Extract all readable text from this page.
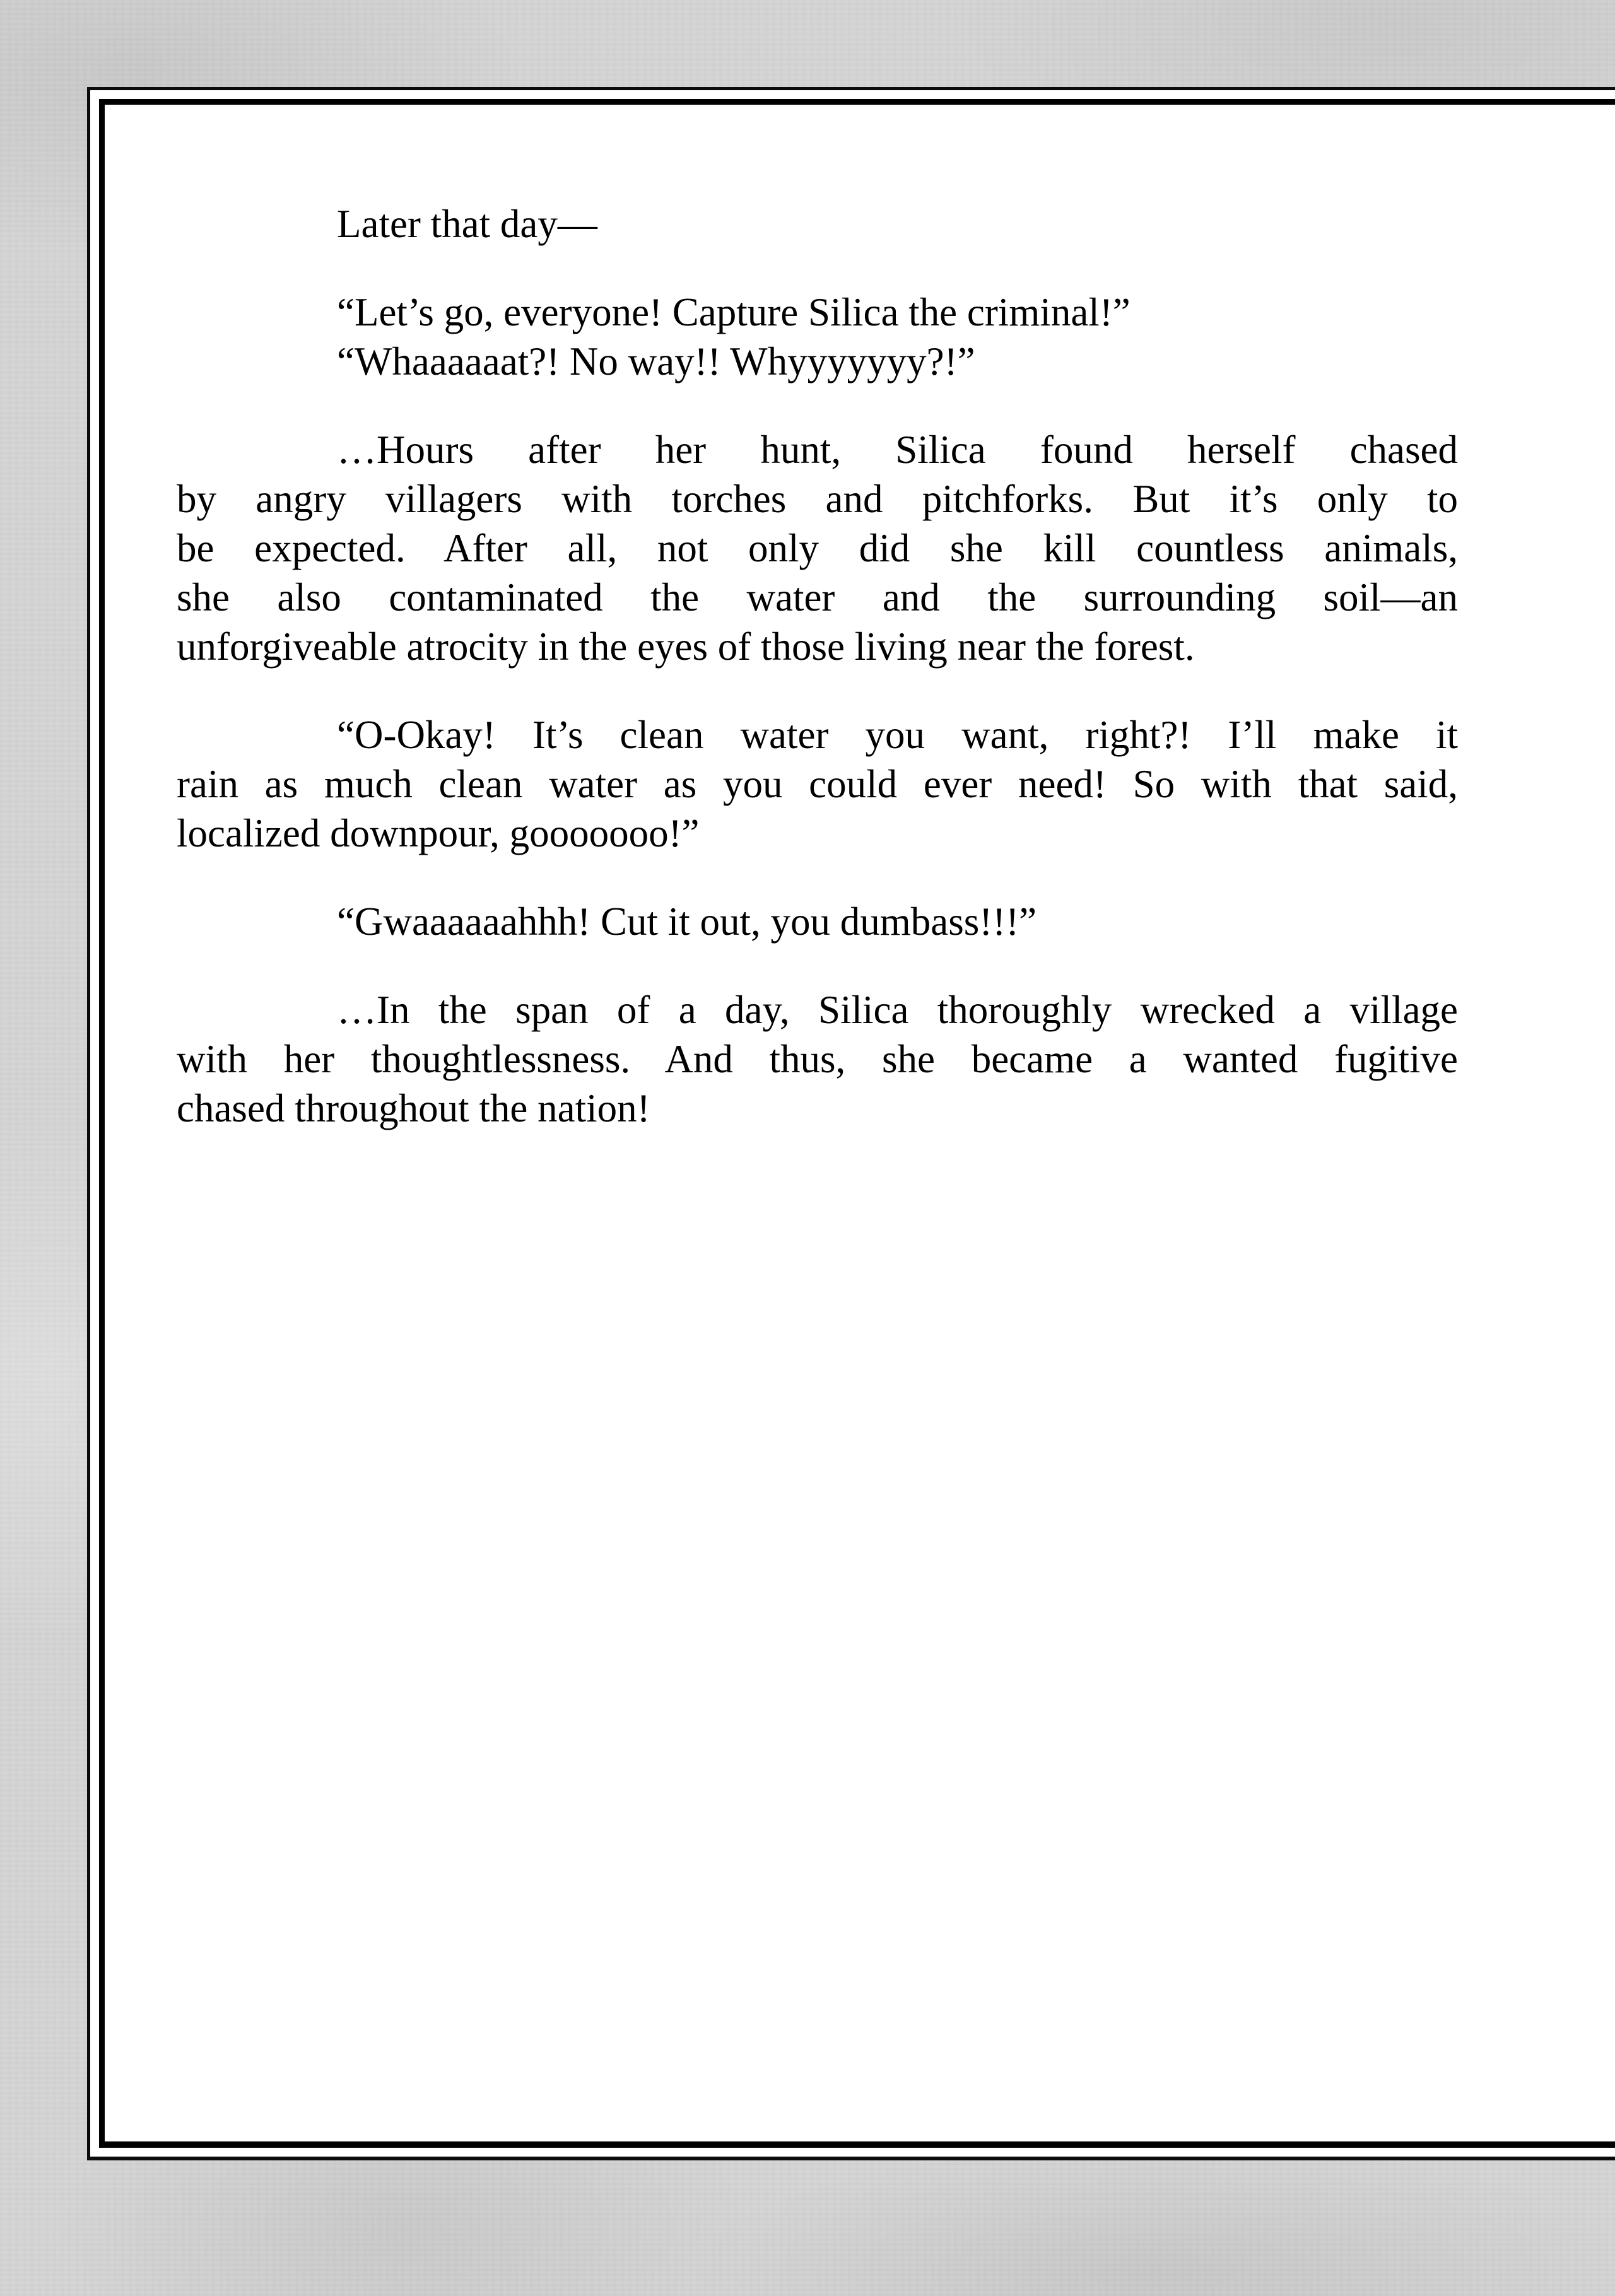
Later that day—
“Let’s go, everyone! Capture Silica the criminal!”
“Whaaaaaat?! No way!! Whyyyyyyy?!”
…Hours after her hunt, Silica found herself chased
by angry villagers with torches and pitchforks. But it’s only to
be expected. After all, not only did she kill countless animals,
she also contaminated the water and the surrounding soil—an
unforgiveable atrocity in the eyes of those living near the forest.
“O-Okay! It’s clean water you want, right?! I’ll make it
rain as much clean water as you could ever need! So with that said,
localized downpour, gooooooo!”
“Gwaaaaaahhh! Cut it out, you dumbass!!!”
…In the span of a day, Silica thoroughly wrecked a village
with her thoughtlessness. And thus, she became a wanted fugitive
chased throughout the nation!
